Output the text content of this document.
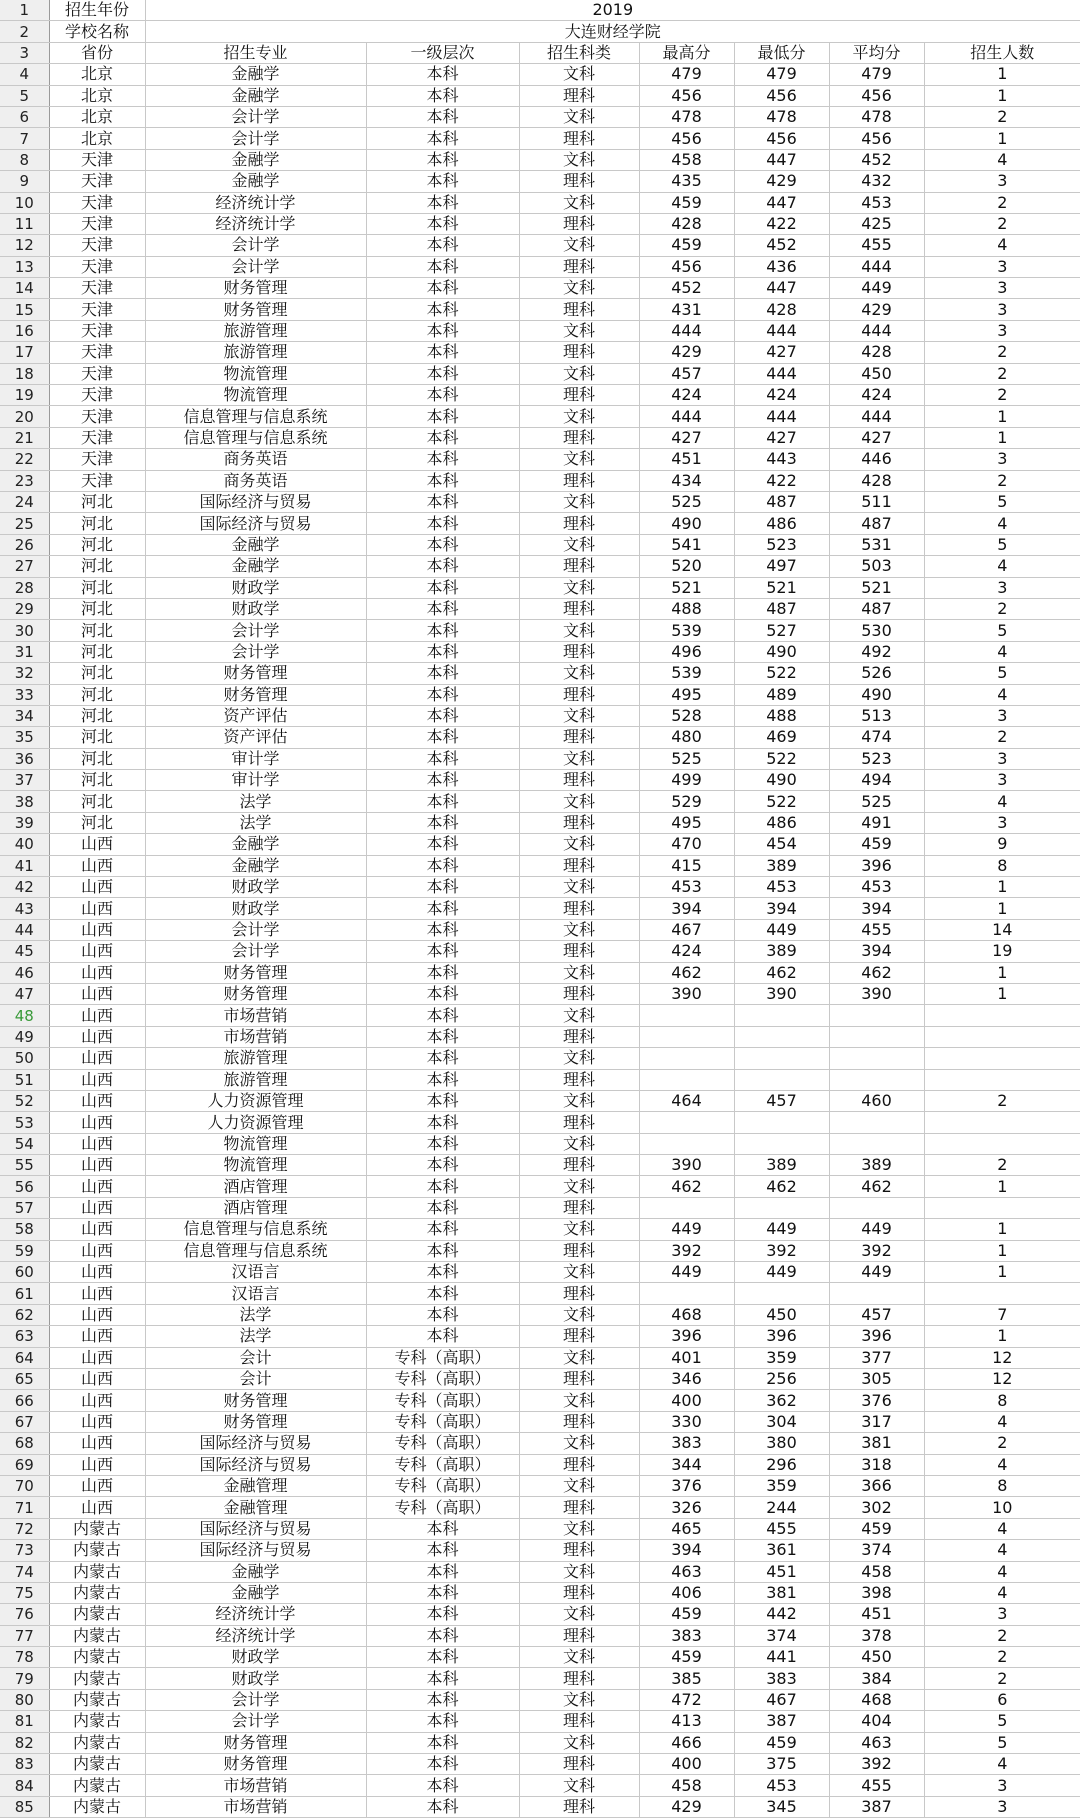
1	招生年份	2019						
2	学校名称	大连财经学院						
3	省份	招生专业	一级层次	招生科类	最高分	最低分	平均分	招生人数
4	北京	金融学	本科	文科	479	479	479	1
5	北京	金融学	本科	理科	456	456	456	1
6	北京	会计学	本科	文科	478	478	478	2
7	北京	会计学	本科	理科	456	456	456	1
8	天津	金融学	本科	文科	458	447	452	4
9	天津	金融学	本科	理科	435	429	432	3
10	天津	经济统计学	本科	文科	459	447	453	2
11	天津	经济统计学	本科	理科	428	422	425	2
12	天津	会计学	本科	文科	459	452	455	4
13	天津	会计学	本科	理科	456	436	444	3
14	天津	财务管理	本科	文科	452	447	449	3
15	天津	财务管理	本科	理科	431	428	429	3
16	天津	旅游管理	本科	文科	444	444	444	3
17	天津	旅游管理	本科	理科	429	427	428	2
18	天津	物流管理	本科	文科	457	444	450	2
19	天津	物流管理	本科	理科	424	424	424	2
20	天津	信息管理与信息系统	本科	文科	444	444	444	1
21	天津	信息管理与信息系统	本科	理科	427	427	427	1
22	天津	商务英语	本科	文科	451	443	446	3
23	天津	商务英语	本科	理科	434	422	428	2
24	河北	国际经济与贸易	本科	文科	525	487	511	5
25	河北	国际经济与贸易	本科	理科	490	486	487	4
26	河北	金融学	本科	文科	541	523	531	5
27	河北	金融学	本科	理科	520	497	503	4
28	河北	财政学	本科	文科	521	521	521	3
29	河北	财政学	本科	理科	488	487	487	2
30	河北	会计学	本科	文科	539	527	530	5
31	河北	会计学	本科	理科	496	490	492	4
32	河北	财务管理	本科	文科	539	522	526	5
33	河北	财务管理	本科	理科	495	489	490	4
34	河北	资产评估	本科	文科	528	488	513	3
35	河北	资产评估	本科	理科	480	469	474	2
36	河北	审计学	本科	文科	525	522	523	3
37	河北	审计学	本科	理科	499	490	494	3
38	河北	法学	本科	文科	529	522	525	4
39	河北	法学	本科	理科	495	486	491	3
40	山西	金融学	本科	文科	470	454	459	9
41	山西	金融学	本科	理科	415	389	396	8
42	山西	财政学	本科	文科	453	453	453	1
43	山西	财政学	本科	理科	394	394	394	1
44	山西	会计学	本科	文科	467	449	455	14
45	山西	会计学	本科	理科	424	389	394	19
46	山西	财务管理	本科	文科	462	462	462	1
47	山西	财务管理	本科	理科	390	390	390	1
48	山西	市场营销	本科	文科				
49	山西	市场营销	本科	理科				
50	山西	旅游管理	本科	文科				
51	山西	旅游管理	本科	理科				
52	山西	人力资源管理	本科	文科	464	457	460	2
53	山西	人力资源管理	本科	理科				
54	山西	物流管理	本科	文科				
55	山西	物流管理	本科	理科	390	389	389	2
56	山西	酒店管理	本科	文科	462	462	462	1
57	山西	酒店管理	本科	理科				
58	山西	信息管理与信息系统	本科	文科	449	449	449	1
59	山西	信息管理与信息系统	本科	理科	392	392	392	1
60	山西	汉语言	本科	文科	449	449	449	1
61	山西	汉语言	本科	理科				
62	山西	法学	本科	文科	468	450	457	7
63	山西	法学	本科	理科	396	396	396	1
64	山西	会计	专科（高职）	文科	401	359	377	12
65	山西	会计	专科（高职）	理科	346	256	305	12
66	山西	财务管理	专科（高职）	文科	400	362	376	8
67	山西	财务管理	专科（高职）	理科	330	304	317	4
68	山西	国际经济与贸易	专科（高职）	文科	383	380	381	2
69	山西	国际经济与贸易	专科（高职）	理科	344	296	318	4
70	山西	金融管理	专科（高职）	文科	376	359	366	8
71	山西	金融管理	专科（高职）	理科	326	244	302	10
72	内蒙古	国际经济与贸易	本科	文科	465	455	459	4
73	内蒙古	国际经济与贸易	本科	理科	394	361	374	4
74	内蒙古	金融学	本科	文科	463	451	458	4
75	内蒙古	金融学	本科	理科	406	381	398	4
76	内蒙古	经济统计学	本科	文科	459	442	451	3
77	内蒙古	经济统计学	本科	理科	383	374	378	2
78	内蒙古	财政学	本科	文科	459	441	450	2
79	内蒙古	财政学	本科	理科	385	383	384	2
80	内蒙古	会计学	本科	文科	472	467	468	6
81	内蒙古	会计学	本科	理科	413	387	404	5
82	内蒙古	财务管理	本科	文科	466	459	463	5
83	内蒙古	财务管理	本科	理科	400	375	392	4
84	内蒙古	市场营销	本科	文科	458	453	455	3
85	内蒙古	市场营销	本科	理科	429	345	387	3
